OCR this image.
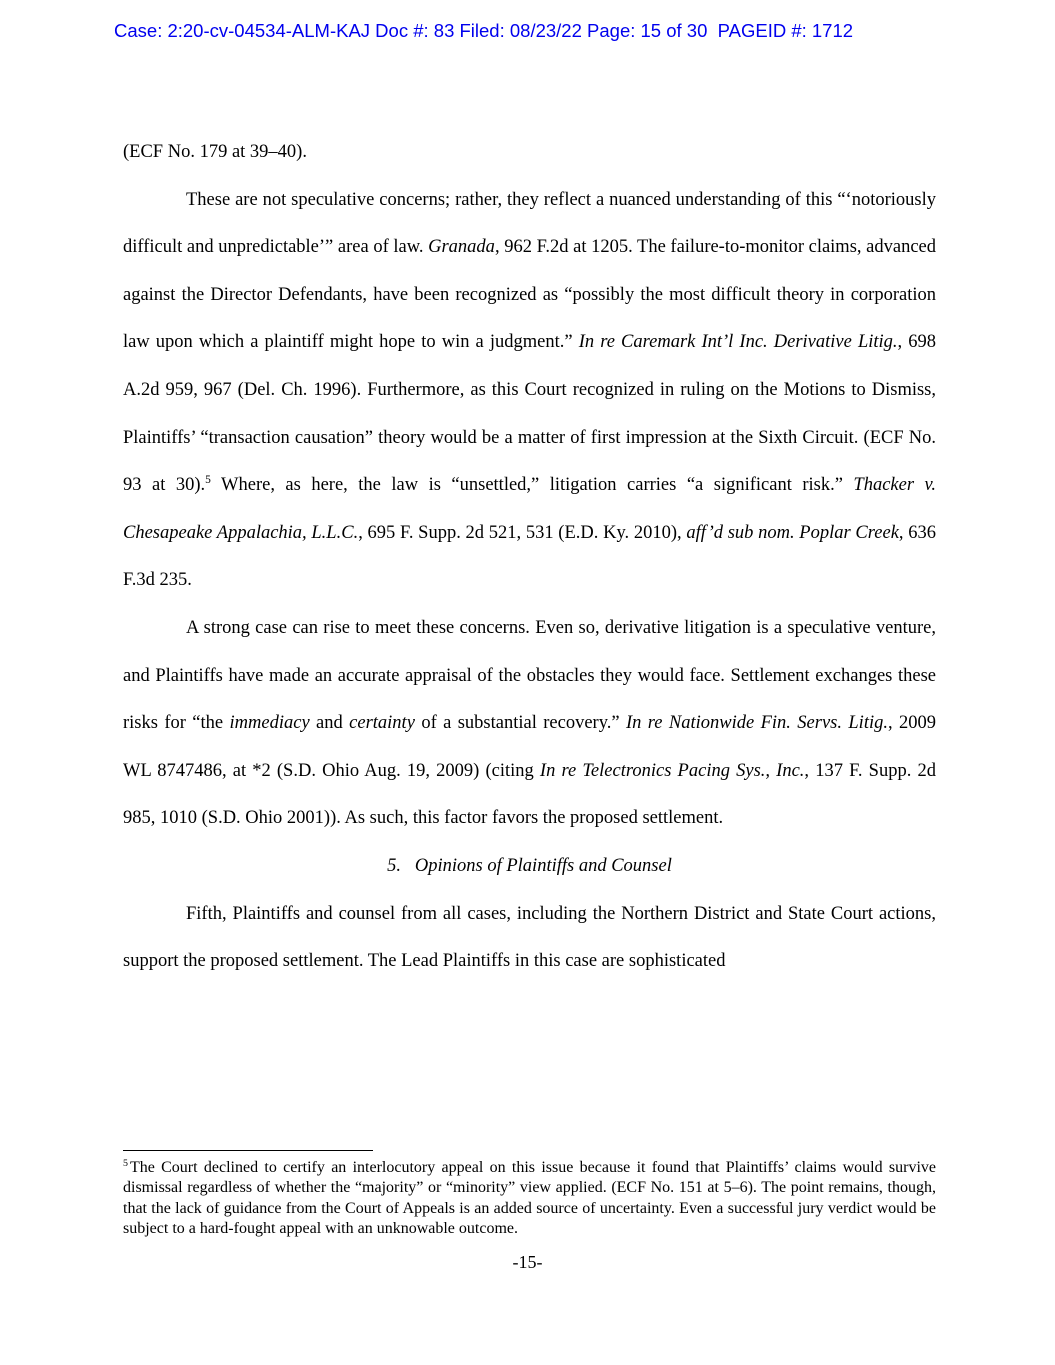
Case: 2:20-cv-04534-ALM-KAJ Doc #: 83 Filed: 08/23/22 Page: 15 of 30  PAGEID #: 1712

(ECF No. 179 at 39–40).

These are not speculative concerns; rather, they reflect a nuanced understanding of this “‘notoriously difficult and unpredictable’” area of law. Granada, 962 F.2d at 1205. The failure-to-monitor claims, advanced against the Director Defendants, have been recognized as “possibly the most difficult theory in corporation law upon which a plaintiff might hope to win a judgment.” In re Caremark Int’l Inc. Derivative Litig., 698 A.2d 959, 967 (Del. Ch. 1996). Furthermore, as this Court recognized in ruling on the Motions to Dismiss, Plaintiffs’ “transaction causation” theory would be a matter of first impression at the Sixth Circuit. (ECF No. 93 at 30).$^5$ Where, as here, the law is “unsettled,” litigation carries “a significant risk.” Thacker v. Chesapeake Appalachia, L.L.C., 695 F. Supp. 2d 521, 531 (E.D. Ky. 2010), aff’d sub nom. Poplar Creek, 636 F.3d 235.

A strong case can rise to meet these concerns. Even so, derivative litigation is a speculative venture, and Plaintiffs have made an accurate appraisal of the obstacles they would face. Settlement exchanges these risks for “the immediacy and certainty of a substantial recovery.” In re Nationwide Fin. Servs. Litig., 2009 WL 8747486, at *2 (S.D. Ohio Aug. 19, 2009) (citing In re Telectronics Pacing Sys., Inc., 137 F. Supp. 2d 985, 1010 (S.D. Ohio 2001)). As such, this factor favors the proposed settlement.

5.   Opinions of Plaintiffs and Counsel

Fifth, Plaintiffs and counsel from all cases, including the Northern District and State Court actions, support the proposed settlement. The Lead Plaintiffs in this case are sophisticated

$^5$ The Court declined to certify an interlocutory appeal on this issue because it found that Plaintiffs’ claims would survive dismissal regardless of whether the “majority” or “minority” view applied. (ECF No. 151 at 5–6). The point remains, though, that the lack of guidance from the Court of Appeals is an added source of uncertainty. Even a successful jury verdict would be subject to a hard-fought appeal with an unknowable outcome.

-15-
